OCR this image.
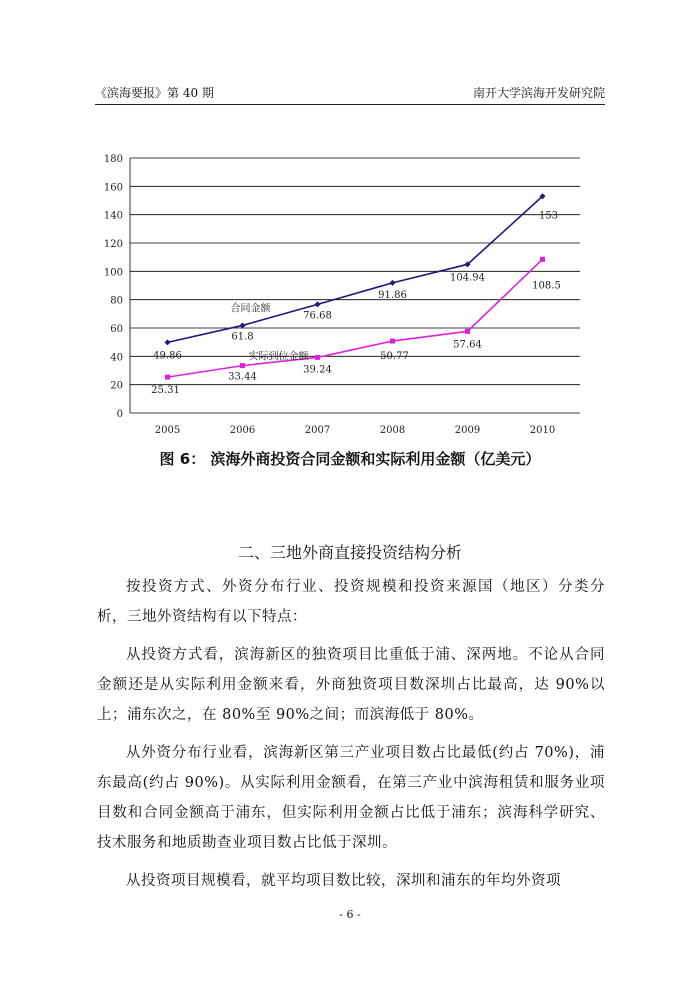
《滨海要报》第 40 期	南开大学滨海开发研究院
0
20
40
60
80
100
120
140
160
180
2005	2006	2007	2008	2009	2010
49.86
61.8
76.68
91.86
104.94
153
合同金额
25.31
33.44
39.24
50.77
57.64
108.5
实际到位金额
图 6： 滨海外商投资合同金额和实际利用金额（亿美元）
二、三地外商直接投资结构分析

按投资方式、外资分布行业、投资规模和投资来源国（地区）分类分析，三地外资结构有以下特点：

从投资方式看，滨海新区的独资项目比重低于浦、深两地。不论从合同金额还是从实际利用金额来看，外商独资项目数深圳占比最高，达 90%以上；浦东次之，在 80%至 90%之间；而滨海低于 80%。

从外资分布行业看，滨海新区第三产业项目数占比最低(约占 70%)，浦东最高(约占 90%)。从实际利用金额看，在第三产业中滨海租赁和服务业项目数和合同金额高于浦东，但实际利用金额占比低于浦东；滨海科学研究、技术服务和地质勘查业项目数占比低于深圳。

从投资项目规模看，就平均项目数比较，深圳和浦东的年均外资项

- 6 -
